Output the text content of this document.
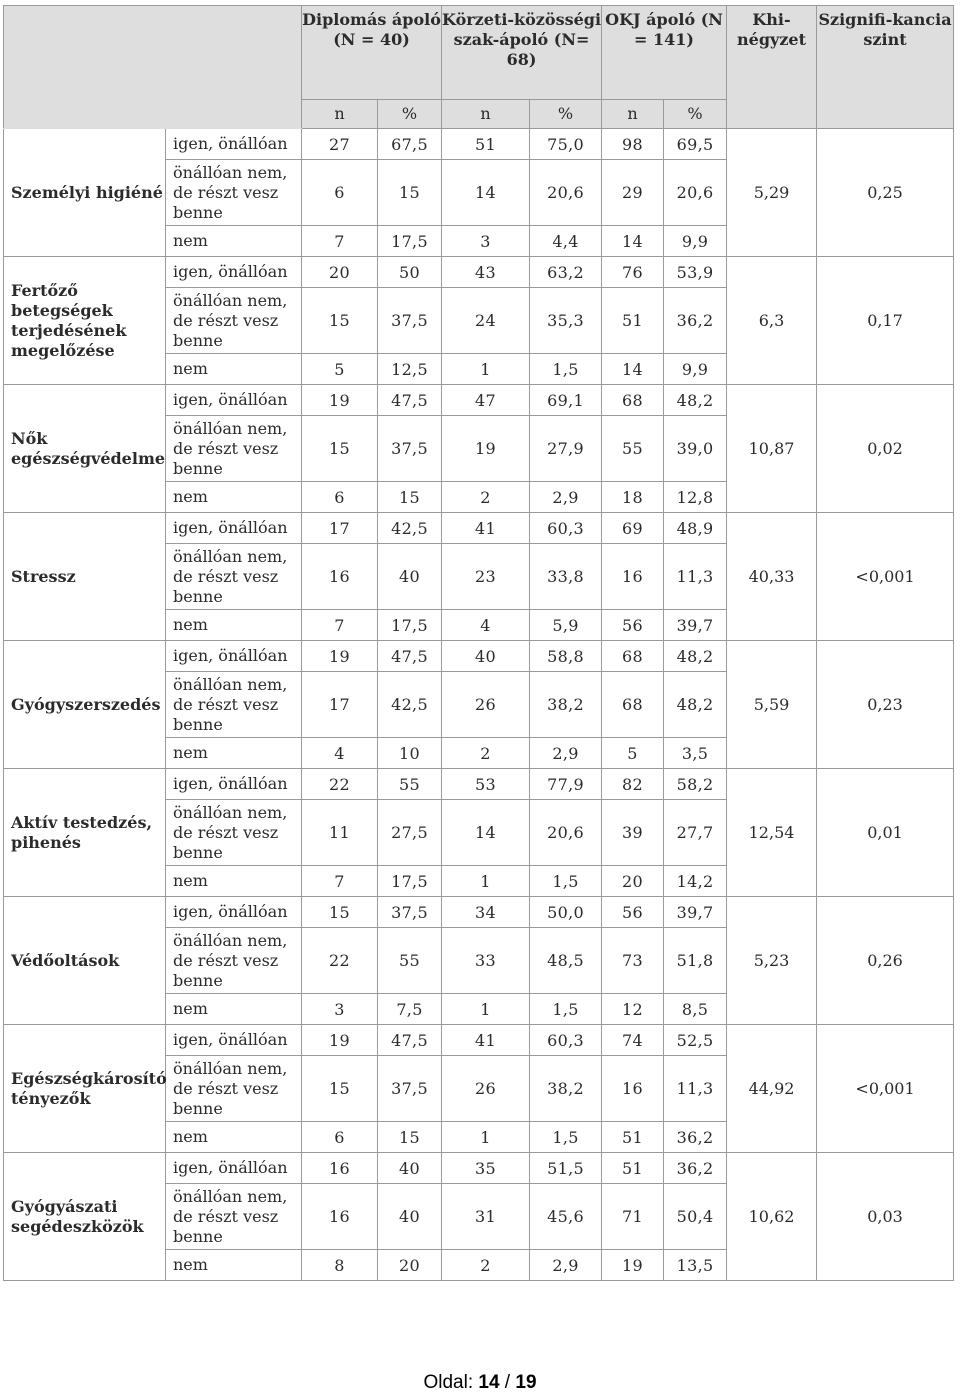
		Diplomás ápoló (N = 40)		Körzeti-közösségi szak-ápoló (N= 68)		OKJ ápoló (N = 141)		Khi-négyzet	Szignifi-kancia szint
		n	%	n	%	n	%		
Személyi higiéné	igen, önállóan	27	67,5	51	75,0	98	69,5		
	önállóan nem, de részt vesz benne	6	15	14	20,6	29	20,6	5,29	0,25
	nem	7	17,5	3	4,4	14	9,9		
Fertőző betegségek terjedésének megelőzése	igen, önállóan	20	50	43	63,2	76	53,9		
	önállóan nem, de részt vesz benne	15	37,5	24	35,3	51	36,2	6,3	0,17
	nem	5	12,5	1	1,5	14	9,9		
Nők egészségvédelme	igen, önállóan	19	47,5	47	69,1	68	48,2		
	önállóan nem, de részt vesz benne	15	37,5	19	27,9	55	39,0	10,87	0,02
	nem	6	15	2	2,9	18	12,8		
Stressz	igen, önállóan	17	42,5	41	60,3	69	48,9		
	önállóan nem, de részt vesz benne	16	40	23	33,8	16	11,3	40,33	<0,001
	nem	7	17,5	4	5,9	56	39,7		
Gyógyszerszedés	igen, önállóan	19	47,5	40	58,8	68	48,2		
	önállóan nem, de részt vesz benne	17	42,5	26	38,2	68	48,2	5,59	0,23
	nem	4	10	2	2,9	5	3,5		
Aktív testedzés, pihenés	igen, önállóan	22	55	53	77,9	82	58,2		
	önállóan nem, de részt vesz benne	11	27,5	14	20,6	39	27,7	12,54	0,01
	nem	7	17,5	1	1,5	20	14,2		
Védőoltások	igen, önállóan	15	37,5	34	50,0	56	39,7		
	önállóan nem, de részt vesz benne	22	55	33	48,5	73	51,8	5,23	0,26
	nem	3	7,5	1	1,5	12	8,5		
Egészségkárosító tényezők	igen, önállóan	19	47,5	41	60,3	74	52,5		
	önállóan nem, de részt vesz benne	15	37,5	26	38,2	16	11,3	44,92	<0,001
	nem	6	15	1	1,5	51	36,2		
Gyógyászati segédeszközök	igen, önállóan	16	40	35	51,5	51	36,2		
	önállóan nem, de részt vesz benne	16	40	31	45,6	71	50,4	10,62	0,03
	nem	8	20	2	2,9	19	13,5		
Oldal: 14 / 19
